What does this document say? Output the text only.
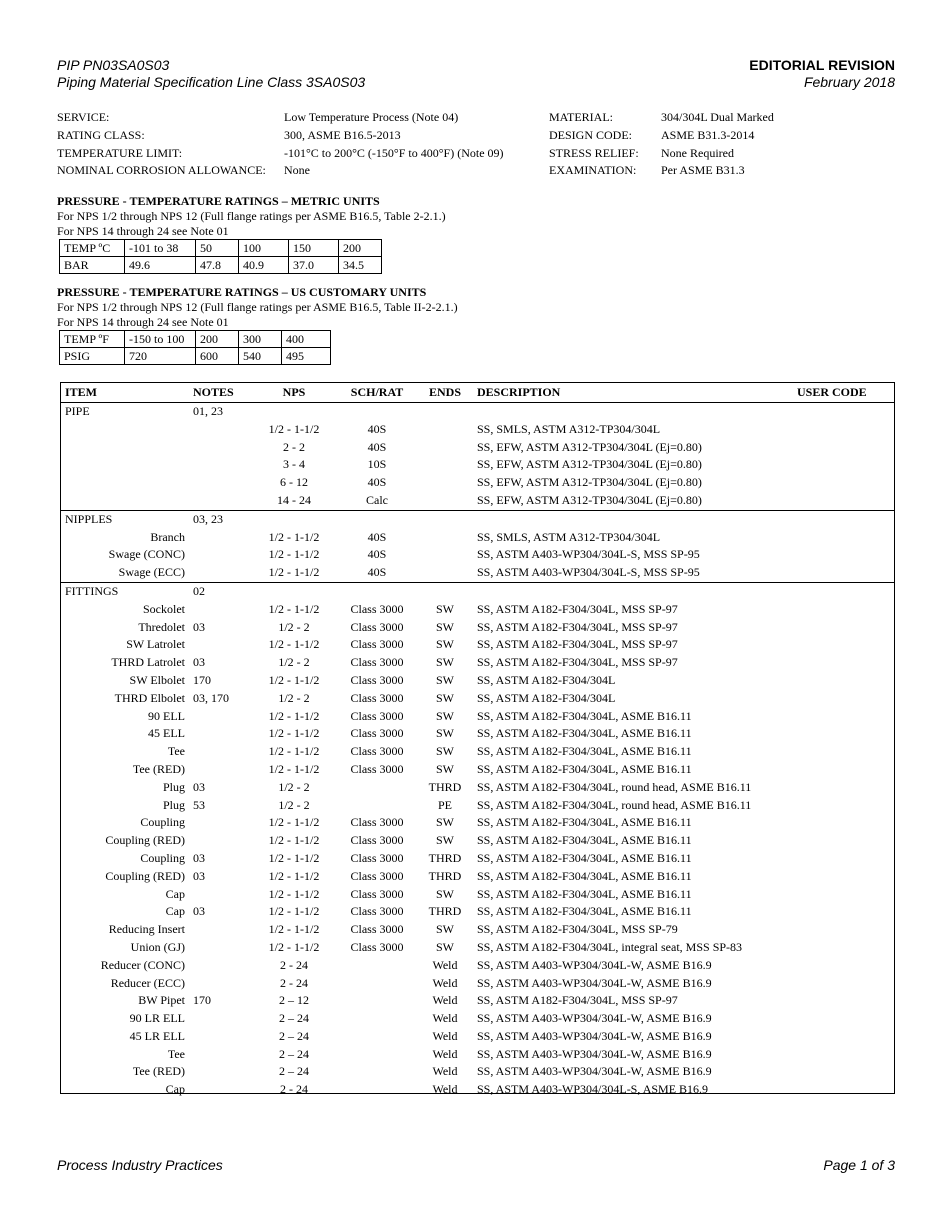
PIP PN03SA0S03
Piping Material Specification Line Class 3SA0S03
EDITORIAL REVISION
February 2018
SERVICE:	Low Temperature Process (Note 04)	MATERIAL:	304/304L Dual Marked
RATING CLASS:	300, ASME B16.5-2013	DESIGN CODE: ASME B31.3-2014
TEMPERATURE LIMIT:	-101°C to 200°C (-150°F to 400°F) (Note 09)	STRESS RELIEF: None Required
NOMINAL CORROSION ALLOWANCE: None	EXAMINATION: Per ASME B31.3
PRESSURE - TEMPERATURE RATINGS – METRIC UNITS
For NPS 1/2 through NPS 12 (Full flange ratings per ASME B16.5, Table 2-2.1.)
For NPS 14 through 24 see Note 01
TEMP ºC	-101 to 38	50	100	150	200
BAR	49.6	47.8	40.9	37.0	34.5
PRESSURE - TEMPERATURE RATINGS – US CUSTOMARY UNITS
For NPS 1/2 through NPS 12 (Full flange ratings per ASME B16.5, Table II-2-2.1.)
For NPS 14 through 24 see Note 01
TEMP ºF	-150 to 100	200	300	400
PSIG	720	600	540	495
ITEM	NOTES	NPS	SCH/RAT	ENDS	DESCRIPTION	USER CODE
PIPE	01, 23					
		1/2 - 1-1/2	40S		SS, SMLS, ASTM A312-TP304/304L	
		2 - 2	40S		SS, EFW, ASTM A312-TP304/304L (Ej=0.80)	
		3 - 4	10S		SS, EFW, ASTM A312-TP304/304L (Ej=0.80)	
		6 - 12	40S		SS, EFW, ASTM A312-TP304/304L (Ej=0.80)	
		14 - 24	Calc		SS, EFW, ASTM A312-TP304/304L (Ej=0.80)	
NIPPLES	03, 23					
Branch		1/2 - 1-1/2	40S		SS, SMLS, ASTM A312-TP304/304L	
Swage (CONC)		1/2 - 1-1/2	40S		SS, ASTM A403-WP304/304L-S, MSS SP-95	
Swage (ECC)		1/2 - 1-1/2	40S		SS, ASTM A403-WP304/304L-S, MSS SP-95	
FITTINGS	02					
Sockolet		1/2 - 1-1/2	Class 3000	SW	SS, ASTM A182-F304/304L, MSS SP-97	
Thredolet	03	1/2 - 2	Class 3000	SW	SS, ASTM A182-F304/304L, MSS SP-97	
SW Latrolet		1/2 - 1-1/2	Class 3000	SW	SS, ASTM A182-F304/304L, MSS SP-97	
THRD Latrolet	03	1/2 - 2	Class 3000	SW	SS, ASTM A182-F304/304L, MSS SP-97	
SW Elbolet	170	1/2 - 1-1/2	Class 3000	SW	SS, ASTM A182-F304/304L	
THRD Elbolet	03, 170	1/2 - 2	Class 3000	SW	SS, ASTM A182-F304/304L	
90 ELL		1/2 - 1-1/2	Class 3000	SW	SS, ASTM A182-F304/304L, ASME B16.11	
45 ELL		1/2 - 1-1/2	Class 3000	SW	SS, ASTM A182-F304/304L, ASME B16.11	
Tee		1/2 - 1-1/2	Class 3000	SW	SS, ASTM A182-F304/304L, ASME B16.11	
Tee (RED)		1/2 - 1-1/2	Class 3000	SW	SS, ASTM A182-F304/304L, ASME B16.11	
Plug	03	1/2 - 2		THRD	SS, ASTM A182-F304/304L, round head, ASME B16.11	
Plug	53	1/2 - 2		PE	SS, ASTM A182-F304/304L, round head, ASME B16.11	
Coupling		1/2 - 1-1/2	Class 3000	SW	SS, ASTM A182-F304/304L, ASME B16.11	
Coupling (RED)		1/2 - 1-1/2	Class 3000	SW	SS, ASTM A182-F304/304L, ASME B16.11	
Coupling	03	1/2 - 1-1/2	Class 3000	THRD	SS, ASTM A182-F304/304L, ASME B16.11	
Coupling (RED)	03	1/2 - 1-1/2	Class 3000	THRD	SS, ASTM A182-F304/304L, ASME B16.11	
Cap		1/2 - 1-1/2	Class 3000	SW	SS, ASTM A182-F304/304L, ASME B16.11	
Cap	03	1/2 - 1-1/2	Class 3000	THRD	SS, ASTM A182-F304/304L, ASME B16.11	
Reducing Insert		1/2 - 1-1/2	Class 3000	SW	SS, ASTM A182-F304/304L, MSS SP-79	
Union (GJ)		1/2 - 1-1/2	Class 3000	SW	SS, ASTM A182-F304/304L, integral seat, MSS SP-83	
Reducer (CONC)		2 - 24		Weld	SS, ASTM A403-WP304/304L-W, ASME B16.9	
Reducer (ECC)		2 - 24		Weld	SS, ASTM A403-WP304/304L-W, ASME B16.9	
BW Pipet	170	2 – 12		Weld	SS, ASTM A182-F304/304L, MSS SP-97	
90 LR ELL		2 – 24		Weld	SS, ASTM A403-WP304/304L-W, ASME B16.9	
45 LR ELL		2 – 24		Weld	SS, ASTM A403-WP304/304L-W, ASME B16.9	
Tee		2 – 24		Weld	SS, ASTM A403-WP304/304L-W, ASME B16.9	
Tee (RED)		2 – 24		Weld	SS, ASTM A403-WP304/304L-W, ASME B16.9	
Cap		2 - 24		Weld	SS, ASTM A403-WP304/304L-S, ASME B16.9	
Process Industry Practices	Page 1 of 3
